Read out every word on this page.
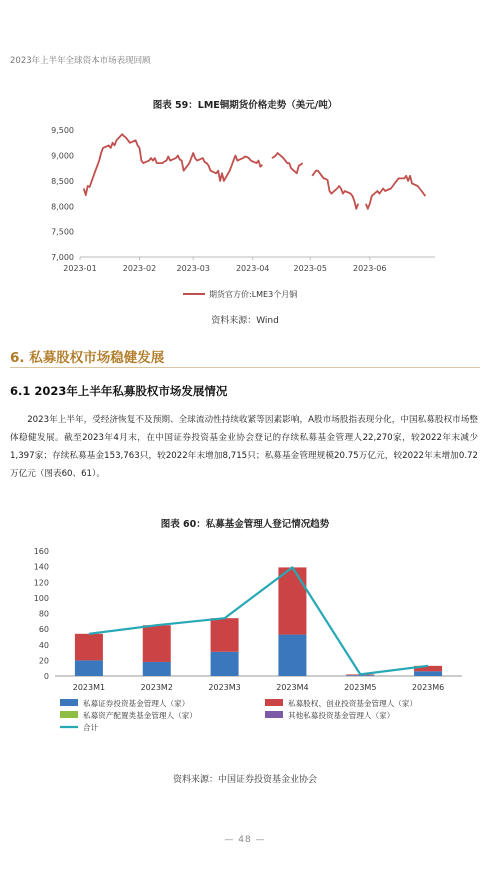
2023年上半年全球资本市场表现回顾
图表 59：LME铜期货价格走势（美元/吨）
7,000
7,500
8,000
8,500
9,000
9,500
2023-01	2023-02	2023-03	2023-04	2023-05	2023-06
期货官方价:LME3个月铜
资料来源：Wind
6. 私募股权市场稳健发展
6.1 2023年上半年私募股权市场发展情况
2023年上半年，受经济恢复不及预期、全球流动性持续收紧等因素影响，A股市场股指表现分化，中国私募股权市场整体稳健发展。截至2023年4月末，在中国证券投资基金业协会登记的存续私募基金管理人22,270家，较2022年末减少1,397家；存续私募基金153,763只，较2022年末增加8,715只；私募基金管理规模20.75万亿元，较2022年末增加0.72万亿元（图表60、61）。
图表 60：私募基金管理人登记情况趋势
0
20
40
60
80
100
120
140
160
2023M1	2023M2	2023M3	2023M4	2023M5	2023M6
私募证券投资基金管理人（家）	私募股权、创业投资基金管理人（家）
私募资产配置类基金管理人（家）	其他私募投资基金管理人（家）
合计
资料来源：中国证券投资基金业协会
— 48 —
